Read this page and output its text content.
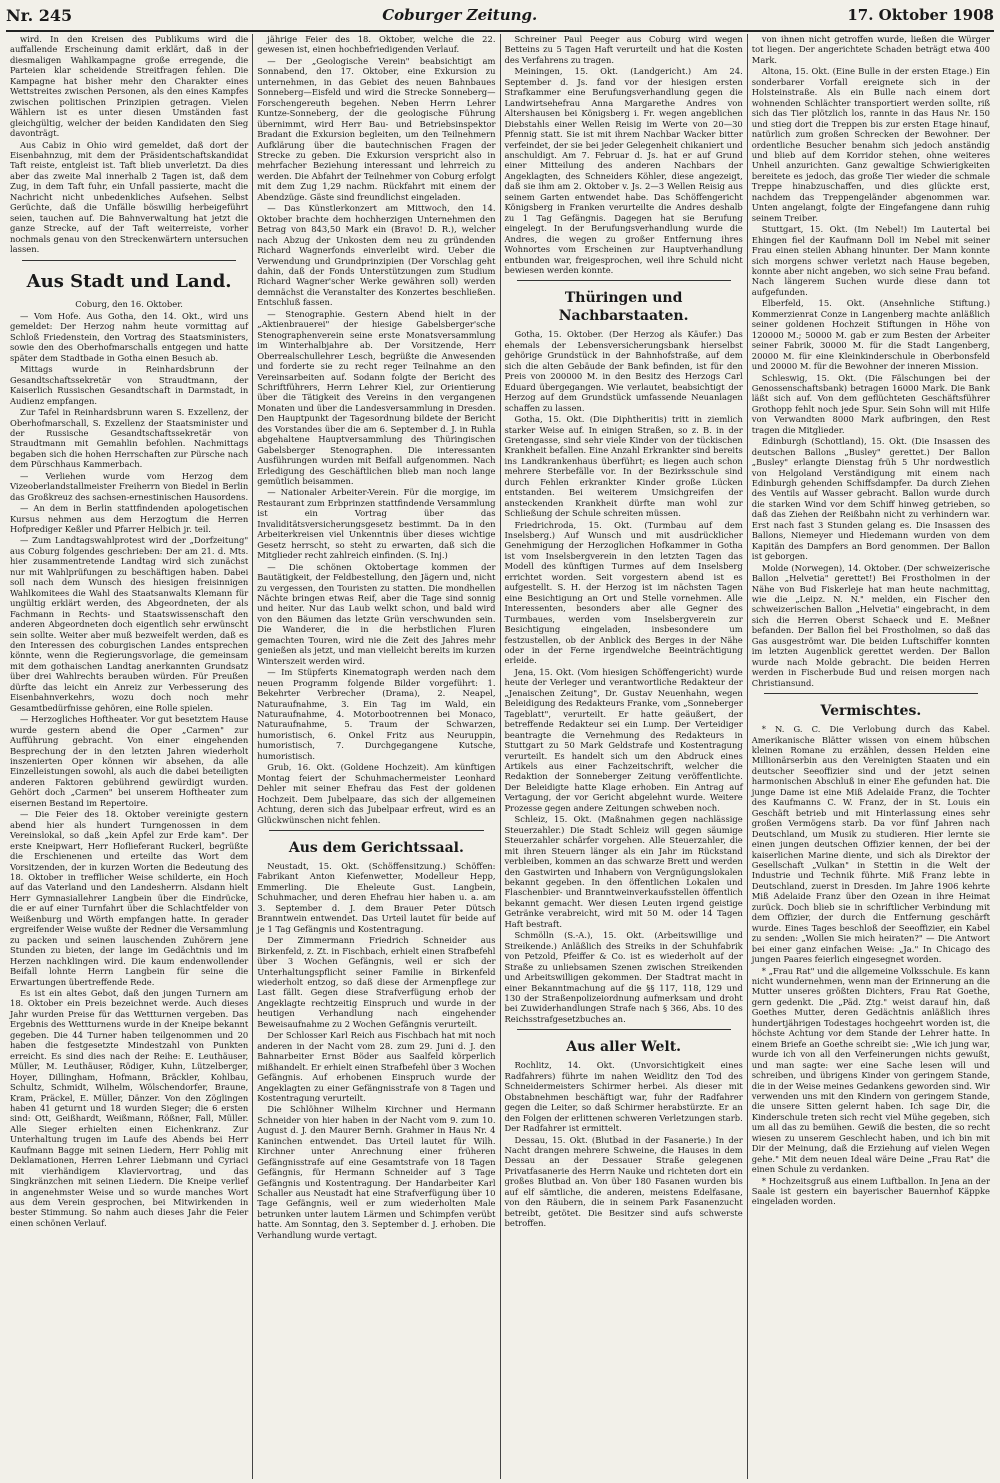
Nr. 245	Coburger Zeitung.	17. Oktober 1908

wird. In den Kreisen des Publikums wird die auffallende Erscheinung damit erklärt, daß in der diesmaligen Wahlkampagne große erregende, die Parteien klar scheidende Streitfragen fehlen. Die Kampagne hat bisher mehr den Charakter eines Wettstreites zwischen Personen, als den eines Kampfes zwischen politischen Prinzipien getragen. Vielen Wählern ist es unter diesen Umständen fast gleichgültig, welcher der beiden Kandidaten den Sieg davonträgt.

Aus Cabiz in Ohio wird gemeldet, daß dort der Eisenbahnzug, mit dem der Präsidentschaftskandidat Taft reiste, entgleist ist. Taft blieb unverletzt. Da dies aber das zweite Mal innerhalb 2 Tagen ist, daß dem Zug, in dem Taft fuhr, ein Unfall passierte, macht die Nachricht nicht unbedenkliches Aufsehen. Selbst Gerüchte, daß die Unfälle böswillig herbeigeführt seien, tauchen auf. Die Bahnverwaltung hat jetzt die ganze Strecke, auf der Taft weiterreiste, vorher nochmals genau von den Streckenwärtern untersuchen lassen.

Aus Stadt und Land.
Coburg, den 16. Oktober.

— Vom Hofe. Aus Gotha, den 14. Okt., wird uns gemeldet: Der Herzog nahm heute vormittag auf Schloß Friedenstein, den Vortrag des Staatsministers, sowie den des Oberhofmarschalls entgegen und hatte später dem Stadtbade in Gotha einen Besuch ab.

Mittags wurde in Reinhardsbrunn der Gesandtschaftssekretär von Straudtmann, der Kaiserlich Russischen Gesandtschaft in Darmstadt, in Audienz empfangen.

Zur Tafel in Reinhardsbrunn waren S. Exzellenz, der Oberhofmarschall, S. Exzellenz der Staatsminister und der Russische Gesandtschaftssekretär von Straudtmann mit Gemahlin befohlen. Nachmittags begaben sich die hohen Herrschaften zur Pürsche nach dem Pürschhaus Kammerbach.

— Verliehen wurde vom Herzog dem Vizeoberlandstallmeister Freiherrn von Biedel in Berlin das Großkreuz des sachsen-ernestinischen Hausordens.

— An dem in Berlin stattfindenden apologetischen Kursus nehmen aus dem Herzogtum die Herren Hofprediger Keßler und Pfarrer Helbich jr. teil.

— Zum Landtagswahlprotest wird der „Dorfzeitung" aus Coburg folgendes geschrieben: Der am 21. d. Mts. hier zusammentretende Landtag wird sich zunächst nur mit Wahlprüfungen zu beschäftigen haben. Dabei soll nach dem Wunsch des hiesigen freisinnigen Wahlkomitees die Wahl des Staatsanwalts Klemann für ungültig erklärt werden, des Abgeordneten, der als Fachmann in Rechts- und Staatswissenschaft den anderen Abgeordneten doch eigentlich sehr erwünscht sein sollte. Weiter aber muß bezweifelt werden, daß es den Interessen des coburgischen Landes entsprechen könnte, wenn die Regierungsvorlage, die gemeinsam mit dem gothaischen Landtag anerkannten Grundsatz über drei Wahlrechts berauben würden. Für Preußen dürfte das leicht ein Anreiz zur Verbesserung des Eisenbahnverkehrs, wozu doch noch mehr Gesamtbedürfnisse gehören, eine Rolle spielen.

— Herzogliches Hoftheater. Vor gut besetztem Hause wurde gestern abend die Oper „Carmen" zur Aufführung gebracht. Von einer eingehenden Besprechung der in den letzten Jahren wiederholt inszenierten Oper können wir absehen, da alle Einzelleistungen sowohl, als auch die dabei beteiligten anderen Faktoren gebührend gewürdigt wurden. Gehört doch „Carmen" bei unserem Hoftheater zum eisernen Bestand im Repertoire.

— Die Feier des 18. Oktober vereinigte gestern abend hier als hundert Turngenossen in dem Vereinslokal, so daß „kein Apfel zur Erde kam". Der erste Kneipwart, Herr Hoflieferant Ruckerl, begrüßte die Erschienenen und erteilte das Wort dem Vorsitzenden, der in kurzen Worten die Bedeutung des 18. Oktober in trefflicher Weise schilderte, ein Hoch auf das Vaterland und den Landesherrn. Alsdann hielt Herr Gymnasiallehrer Langbein über die Eindrücke, die er auf einer Turnfahrt über die Schlachtfelder von Weißenburg und Wörth empfangen hatte. In gerader ergreifender Weise wußte der Redner die Versammlung zu packen und seinen lauschenden Zuhörern jene Stunden zu bieten, der lange im Gedächtnis und im Herzen nachklingen wird. Die kaum endenwollender Beifall lohnte Herrn Langbein für seine die Erwartungen übertreffende Rede.

Es ist ein altes Gebot, daß den jungen Turnern am 18. Oktober ein Preis bezeichnet werde. Auch dieses Jahr wurden Preise für das Wettturnen vergeben. Das Ergebnis des Wettturnens wurde in der Kneipe bekannt gegeben. Die 44 Turner haben teilgenommen und 20 haben die festgesetzte Mindestzahl von Punkten erreicht. Es sind dies nach der Reihe: E. Leuthäuser, Müller, M. Leuthäuser, Rödiger, Kuhn, Lützelberger, Hoyer, Dillingham, Hofmann, Bräckler, Kohlbau, Schultz, Schmidt, Wilhelm, Wölschendorfer, Braune, Kram, Präckel, E. Müller, Dänzer. Von den Zöglingen haben 41 geturnt und 18 wurden Sieger; die 6 ersten sind: Ott, Geißhardt, Weißmann, Rößner, Fall, Müller. Alle Sieger erhielten einen Eichenkranz. Zur Unterhaltung trugen im Laufe des Abends bei Herr Kaufmann Bagge mit seinen Liedern, Herr Pohlig mit Deklamationen, Herren Lehrer Liebmann und Cyriaci mit vierhändigem Klaviervortrag, und das Singkränzchen mit seinen Liedern. Die Kneipe verlief in angenehmster Weise und so wurde manches Wort aus dem Verein gesprochen, bei Mitwirkenden in bester Stimmung. So nahm auch dieses Jahr die Feier einen schönen Verlauf.

jährige Feier des 18. Oktober, welche die 22. gewesen ist, einen hochbefriedigenden Verlauf.

— Der „Geologische Verein" beabsichtigt am Sonnabend, den 17. Oktober, eine Exkursion zu unternehmen, in das Gebiet des neuen Bahnbaues Sonneberg—Eisfeld und wird die Strecke Sonneberg—Forschengereuth begehen. Neben Herrn Lehrer Kuntze-Sonneberg, der die geologische Führung übernimmt, wird Herr Bau- und Betriebsinspektor Bradant die Exkursion begleiten, um den Teilnehmern Aufklärung über die bautechnischen Fragen der Strecke zu geben. Die Exkursion verspricht also in mehrfacher Beziehung interessant und lehrreich zu werden. Die Abfahrt der Teilnehmer von Coburg erfolgt mit dem Zug 1,29 nachm. Rückfahrt mit einem der Abendzüge. Gäste sind freundlichst eingeladen.

— Das Künstlerkonzert am Mittwoch, den 14. Oktober brachte dem hochherzigen Unternehmen den Betrag von 843,50 Mark ein (Bravo! D. R.), welcher nach Abzug der Unkosten dem neu zu gründenden Richard Wagnerfonds einverleibt wird. Ueber die Verwendung und Grundprinzipien (Der Vorschlag geht dahin, daß der Fonds Unterstützungen zum Studium Richard Wagner'scher Werke gewähren soll) werden demnächst die Veranstalter des Konzertes beschließen. Entschluß fassen.

— Stenographie. Gestern Abend hielt in der „Aktienbrauerei" der hiesige Gabelsberger'sche Stenographenverein seine erste Monatsversammlung im Winterhalbjahre ab. Der Vorsitzende, Herr Oberrealschullehrer Lesch, begrüßte die Anwesenden und forderte sie zu recht reger Teilnahme an den Vereinsarbeiten auf. Sodann folgte der Bericht des Schriftführers, Herrn Lehrer Kiel, zur Orientierung über die Tätigkeit des Vereins in den vergangenen Monaten und über die Landesversammlung in Dresden. Den Hauptpunkt der Tagesordnung bildete der Bericht des Vorstandes über die am 6. September d. J. in Ruhla abgehaltene Hauptversammlung des Thüringischen Gabelsberger Stenographen. Die interessanten Ausführungen wurden mit Beifall aufgenommen. Nach Erledigung des Geschäftlichen blieb man noch lange gemütlich beisammen.

— Nationaler Arbeiter-Verein. Für die morgige, im Restaurant zum Erbprinzen stattfindende Versammlung ist ein Vortrag über das Invaliditätsversicherungsgesetz bestimmt. Da in den Arbeiterkreisen viel Unkenntnis über dieses wichtige Gesetz herrscht, so steht zu erwarten, daß sich die Mitglieder recht zahlreich einfinden. (S. Inj.)

— Die schönen Oktobertage kommen der Bautätigkeit, der Feldbestellung, den Jägern und, nicht zu vergessen, den Touristen zu statten. Die mondhellen Nächte bringen etwas Reif, aber die Tage sind sonnig und heiter. Nur das Laub welkt schon, und bald wird von den Bäumen das letzte Grün verschwunden sein. Die Wanderer, die in die herbstlichen Fluren gemachten Touren, wird nie die Zeit des Jahres mehr genießen als jetzt, und man vielleicht bereits im kurzen Winterszeit werden wird.

— Im Stüpferts Kinematograph werden nach dem neuen Programm folgende Bilder vorgeführt: 1. Bekehrter Verbrecher (Drama), 2. Neapel, Naturaufnahme, 3. Ein Tag im Wald, ein Naturaufnahme, 4. Motorbootrennen bei Monaco, Naturaufnahme, 5. Traum der Schwarzen, humoristisch, 6. Onkel Fritz aus Neuruppin, humoristisch, 7. Durchgegangene Kutsche, humoristisch.

Grub, 16. Okt. (Goldene Hochzeit). Am künftigen Montag feiert der Schuhmachermeister Leonhard Dehler mit seiner Ehefrau das Fest der goldenen Hochzeit. Dem Jubelpaare, das sich der allgemeinen Achtung, deren sich das Jubelpaar erfreut, wird es an Glückwünschen nicht fehlen.

Aus dem Gerichtssaal.

Neustadt, 15. Okt. (Schöffensitzung.) Schöffen: Fabrikant Anton Kiefenwetter, Modelleur Hepp, Emmerling. Die Eheleute Gust. Langbein, Schuhmacher, und deren Ehefrau hier haben u. a. am 3. September d. J. dem Brauer Peter Dütsch Branntwein entwendet. Das Urteil lautet für beide auf je 1 Tag Gefängnis und Kostentragung.

Der Zimmermann Friedrich Schneider aus Birkenfeld, z. Zt. in Fischbach, erhielt einen Strafbefehl über 3 Wochen Gefängnis, weil er sich der Unterhaltungspflicht seiner Familie in Birkenfeld wiederholt entzog, so daß diese der Armenpflege zur Last fällt. Gegen diese Strafverfügung erhob der Angeklagte rechtzeitig Einspruch und wurde in der heutigen Verhandlung nach eingehender Beweisaufnahme zu 2 Wochen Gefängnis verurteilt.

Der Schlosser Karl Reich aus Fischbach hat mit noch anderen in der Nacht vom 28. zum 29. Juni d. J. den Bahnarbeiter Ernst Böder aus Saalfeld körperlich mißhandelt. Er erhielt einen Strafbefehl über 3 Wochen Gefängnis. Auf erhobenen Einspruch wurde der Angeklagten zu einer Gefängnisstrafe von 8 Tagen und Kostentragung verurteilt.

Die Schlöhner Wilhelm Kirchner und Hermann Schneider von hier haben in der Nacht vom 9. zum 10. August d. J. den Maurer Bernh. Grahmer in Haus Nr. 4 Kaninchen entwendet. Das Urteil lautet für Wilh. Kirchner unter Anrechnung einer früheren Gefängnisstrafe auf eine Gesamtstrafe von 18 Tagen Gefängnis, für Hermann Schneider auf 3 Tage Gefängnis und Kostentragung. Der Handarbeiter Karl Schaller aus Neustadt hat eine Strafverfügung über 10 Tage Gefängnis, weil er zum wiederholten Male betrunken unter lautem Lärmen und Schimpfen verübt hatte. Am Sonntag, den 3. September d. J. erhoben. Die Verhandlung wurde vertagt.

Schreiner Paul Peeger aus Coburg wird wegen Betteins zu 5 Tagen Haft verurteilt und hat die Kosten des Verfahrens zu tragen.

Meiningen, 15. Okt. (Landgericht.) Am 24. September d. Js. fand vor der hiesigen ersten Strafkammer eine Berufungsverhandlung gegen die Landwirtsehefrau Anna Margarethe Andres von Altershausen bei Königsberg i. Fr. wegen angeblichen Diebstahls einer Wellen Reisig im Werte von 20—30 Pfennig statt. Sie ist mit ihrem Nachbar Wacker bitter verfeindet, der sie bei jeder Gelegenheit chikaniert und anschuldigt. Am 7. Februar d. Js. hat er auf Grund einer Mitteilung des anderen Nachbars der Angeklagten, des Schneiders Köhler, diese angezeigt, daß sie ihm am 2. Oktober v. Js. 2—3 Wellen Reisig aus seinem Garten entwendet habe. Das Schöffengericht Königsberg in Franken verurteilte die Andres deshalb zu 1 Tag Gefängnis. Dagegen hat sie Berufung eingelegt. In der Berufungsverhandlung wurde die Andres, die wegen zu großer Entfernung ihres Wohnortes vom Erscheinen zur Hauptverhandlung entbunden war, freigesprochen, weil ihre Schuld nicht bewiesen werden konnte.

Thüringen und Nachbarstaaten.

Gotha, 15. Oktober. (Der Herzog als Käufer.) Das ehemals der Lebensversicherungsbank hierselbst gehörige Grundstück in der Bahnhofstraße, auf dem sich die alten Gebäude der Bank befinden, ist für den Preis von 200000 M. in den Besitz des Herzogs Carl Eduard übergegangen. Wie verlautet, beabsichtigt der Herzog auf dem Grundstück umfassende Neuanlagen schaffen zu lassen.

Gotha, 15. Okt. (Die Diphtheritis) tritt in ziemlich starker Weise auf. In einigen Straßen, so z. B. in der Gretengasse, sind sehr viele Kinder von der tückischen Krankheit befallen. Eine Anzahl Erkrankter sind bereits ins Landkrankenhaus überführt; es liegen auch schon mehrere Sterbefälle vor. In der Bezirksschule sind durch Fehlen erkrankter Kinder große Lücken entstanden. Bei weiterem Umsichgreifen der ansteckenden Krankheit dürfte man wohl zur Schließung der Schule schreiten müssen.

Friedrichroda, 15. Okt. (Turmbau auf dem Inselsberg.) Auf Wunsch und mit ausdrücklicher Genehmigung der Herzoglichen Hofkammer in Gotha ist vom Inselsbergverein in den letzten Tagen das Modell des künftigen Turmes auf dem Inselsberg errichtet worden. Seit vorgestern abend ist es aufgestellt. S. H. der Herzog ist im nächsten Tagen eine Besichtigung an Ort und Stelle vornehmen. Alle Interessenten, besonders aber alle Gegner des Turmbaues, werden vom Inselsbergverein zur Besichtigung eingeladen, insbesondere um festzustellen, ob der Anblick des Berges in der Nähe oder in der Ferne irgendwelche Beeinträchtigung erleide.

Jena, 15. Okt. (Vom hiesigen Schöffengericht) wurde heute der Verleger und verantwortliche Redakteur der „Jenaischen Zeitung", Dr. Gustav Neuenhahn, wegen Beleidigung des Redakteurs Franke, vom „Sonneberger Tageblatt", verurteilt. Er hatte geäußert, der betreffende Redakteur sei ein Lump. Der Verteidiger beantragte die Vernehmung des Redakteurs in Stuttgart zu 50 Mark Geldstrafe und Kostentragung verurteilt. Es handelt sich um den Abdruck eines Artikels aus einer Fachzeitschrift, welcher die Redaktion der Sonneberger Zeitung veröffentlichte. Der Beleidigte hatte Klage erhoben. Ein Antrag auf Vertagung, der vor Gericht abgelehnt wurde. Weitere Prozesse gegen andere Zeitungen schweben noch.

Schleiz, 15. Okt. (Maßnahmen gegen nachlässige Steuerzahler.) Die Stadt Schleiz will gegen säumige Steuerzahler schärfer vorgehen. Alle Steuerzahler, die mit ihren Steuern länger als ein Jahr im Rückstand verbleiben, kommen an das schwarze Brett und werden den Gastwirten und Inhabern von Vergnügungslokalen bekannt gegeben. In den öffentlichen Lokalen und Flaschenbier- und Branntweinverkaufsstellen öffentlich bekannt gemacht. Wer diesen Leuten irgend geistige Getränke verabreicht, wird mit 50 M. oder 14 Tagen Haft bestraft.

Schmölln (S.-A.), 15. Okt. (Arbeitswillige und Streikende.) Anläßlich des Streiks in der Schuhfabrik von Petzold, Pfeiffer & Co. ist es wiederholt auf der Straße zu unliebsamen Szenen zwischen Streikenden und Arbeitswilligen gekommen. Der Stadtrat macht in einer Bekanntmachung auf die §§ 117, 118, 129 und 130 der Straßenpolizeiordnung aufmerksam und droht bei Zuwiderhandlungen Strafe nach § 366, Abs. 10 des Reichsstrafgesetzbuches an.

Aus aller Welt.

Rochlitz, 14. Okt. (Unvorsichtigkeit eines Radfahrers) führte im nahen Weidlitz den Tod des Schneidermeisters Schirmer herbei. Als dieser mit Obstabnehmen beschäftigt war, fuhr der Radfahrer gegen die Leiter, so daß Schirmer herabstürzte. Er an den Folgen der erlittenen schweren Verletzungen starb. Der Radfahrer ist ermittelt.

Dessau, 15. Okt. (Blutbad in der Fasanerie.) In der Nacht drangen mehrere Schweine, die Hauses in dem Dessau an der Dessauer Straße gelegenen Privatfasanerie des Herrn Nauke und richteten dort ein großes Blutbad an. Von über 180 Fasanen wurden bis auf elf sämtliche, die anderen, meistens Edelfasane, von den Räubern, die in seinem Park Fasanenzucht betreibt, getötet. Die Besitzer sind aufs schwerste betroffen.

von ihnen nicht getroffen wurde, ließen die Würger tot liegen. Der angerichtete Schaden beträgt etwa 400 Mark.

Altona, 15. Okt. (Eine Bulle in der ersten Etage.) Ein sonderbarer Vorfall ereignete sich in der Holsteinstraße. Als ein Bulle nach einem dort wohnenden Schlächter transportiert werden sollte, riß sich das Tier plötzlich los, rannte in das Haus Nr. 150 und stieg dort die Treppen bis zur ersten Etage hinauf, natürlich zum großen Schrecken der Bewohner. Der ordentliche Besucher benahm sich jedoch anständig und blieb auf dem Korridor stehen, ohne weiteres Unheil anzurichten. Ganz gewaltige Schwierigkeiten bereitete es jedoch, das große Tier wieder die schmale Treppe hinabzuschaffen, und dies glückte erst, nachdem das Treppengeländer abgenommen war. Unten angelangt, folgte der Eingefangene dann ruhig seinem Treiber.

Stuttgart, 15. Okt. (Im Nebel!) Im Lautertal bei Ehingen fiel der Kaufmann Doll im Nebel mit seiner Frau einen steilen Abhang hinunter. Der Mann konnte sich morgens schwer verletzt nach Hause begeben, konnte aber nicht angeben, wo sich seine Frau befand. Nach längerem Suchen wurde diese dann tot aufgefunden.

Elberfeld, 15. Okt. (Ansehnliche Stiftung.) Kommerzienrat Conze in Langenberg machte anläßlich seiner goldenen Hochzeit Stiftungen in Höhe von 120000 M.; 50000 M. gab er zum Besten der Arbeiter seiner Fabrik, 30000 M. für die Stadt Langenberg, 20000 M. für eine Kleinkinderschule in Oberbonsfeld und 20000 M. für die Bewohner der inneren Mission.

Schleswig, 15. Okt. (Die Fälschungen bei der Genossenschaftsbank) betragen 16000 Mark. Die Bank läßt sich auf. Von dem geflüchteten Geschäftsführer Grothopp fehlt noch jede Spur. Sein Sohn will mit Hilfe von Verwandten 8000 Mark aufbringen, den Rest tragen die Mitglieder.

Edinburgh (Schottland), 15. Okt. (Die Insassen des deutschen Ballons „Busley" gerettet.) Der Ballon „Busley" erlangte Dienstag früh 5 Uhr nordwestlich von Helgoland Verständigung mit einem nach Edinburgh gehenden Schiffsdampfer. Da durch Ziehen des Ventils auf Wasser gebracht. Ballon wurde durch die starken Wind vor dem Schiff hinweg getrieben, so daß das Ziehen der Reißbahn nicht zu verhindern war. Erst nach fast 3 Stunden gelang es. Die Insassen des Ballons, Niemeyer und Hiedemann wurden von dem Kapitän des Dampfers an Bord genommen. Der Ballon ist geborgen.

Molde (Norwegen), 14. Oktober. (Der schweizerische Ballon „Helvetia" gerettet!) Bei Frostholmen in der Nähe von Bud Fiskerleje hat man heute nachmittag, wie die „Leipz. N. N." melden, ein Fischer den schweizerischen Ballon „Helvetia" eingebracht, in dem sich die Herren Oberst Schaeck und E. Meßner befanden. Der Ballon fiel bei Frostholmen, so daß das Gas ausgeströmt war. Die beiden Luftschiffer konnten im letzten Augenblick gerettet werden. Der Ballon wurde nach Molde gebracht. Die beiden Herren werden in Fischerbude Bud und reisen morgen nach Christiansund.

Vermischtes.

* N. G. C. Die Verlobung durch das Kabel. Amerikanische Blätter wissen von einem hübschen kleinen Romane zu erzählen, dessen Helden eine Millionärserbin aus den Vereinigten Staaten und ein deutscher Seeoffizier sind und der jetzt seinen harmonischen Abschluß in einer Ehe gefunden hat. Die junge Dame ist eine Miß Adelaide Franz, die Tochter des Kaufmanns C. W. Franz, der in St. Louis ein Geschäft betrieb und mit Hinterlassung eines sehr großen Vermögens starb. Da vor fünf Jahren nach Deutschland, um Musik zu studieren. Hier lernte sie einen jungen deutschen Offizier kennen, der bei der kaiserlichen Marine diente, und sich als Direktor der Gesellschaft „Vulkan" in Stettin in die Welt der Industrie und Technik führte. Miß Franz lebte in Deutschland, zuerst in Dresden. Im Jahre 1906 kehrte Miß Adelaide Franz über den Ozean in ihre Heimat zurück. Doch blieb sie in schriftlicher Verbindung mit dem Offizier, der durch die Entfernung geschärft wurde. Eines Tages beschloß der Seeoffizier, ein Kabel zu senden: „Wollen Sie mich heiraten?" — Die Antwort bei einer ganz einfachen Weise: „Ja." In Chicago des jungen Paares feierlich eingesegnet worden.

* „Frau Rat" und die allgemeine Volksschule. Es kann nicht wundernehmen, wenn man der Erinnerung an die Mutter unseres größten Dichters, Frau Rat Goethe, gern gedenkt. Die „Päd. Ztg." weist darauf hin, daß Goethes Mutter, deren Gedächtnis anläßlich ihres hundertjährigen Todestages hochgeehrt worden ist, die höchste Achtung vor dem Stande der Lehrer hatte. In einem Briefe an Goethe schreibt sie: „Wie ich jung war, wurde ich von all den Verfeinerungen nichts gewußt, und man sagte: wer eine Sache lesen will und schreiben, und übrigens Kinder von geringem Stande, die in der Weise meines Gedankens geworden sind. Wir verwenden uns mit den Kindern von geringem Stande, die unsere Sitten gelernt haben. Ich sage Dir, die Kinderschule treten sich recht viel Mühe gegeben, sich um all das zu bemühen. Gewiß die besten, die so recht wiesen zu unserem Geschlecht haben, und ich bin mit Dir der Meinung, daß die Erziehung auf vielen Wegen gehe." Mit dem neuen Ideal wäre Deine „Frau Rat" die einen Schule zu verdanken.

* Hochzeitsgruß aus einem Luftballon. In Jena an der Saale ist gestern ein bayerischer Bauernhof Käppke eingeladen worden.
